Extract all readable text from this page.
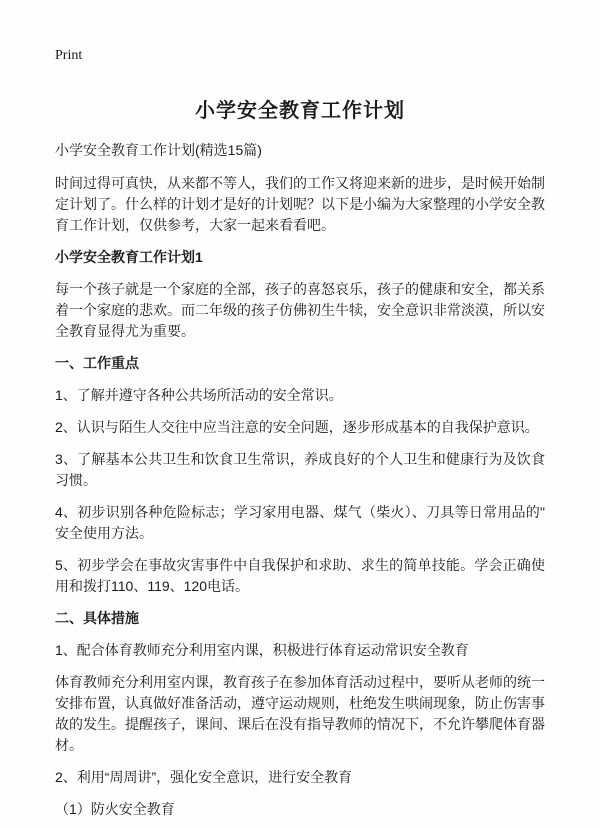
Print
小学安全教育工作计划

小学安全教育工作计划(精选15篇)

时间过得可真快，从来都不等人，我们的工作又将迎来新的进步，是时候开始制定计划了。什么样的计划才是好的计划呢？以下是小编为大家整理的小学安全教育工作计划，仅供参考，大家一起来看看吧。

小学安全教育工作计划1

每一个孩子就是一个家庭的全部，孩子的喜怒哀乐，孩子的健康和安全，都关系着一个家庭的悲欢。而二年级的孩子仿佛初生牛犊，安全意识非常淡漠，所以安全教育显得尤为重要。

一、工作重点

1、了解并遵守各种公共场所活动的安全常识。

2、认识与陌生人交往中应当注意的安全问题，逐步形成基本的自我保护意识。

3、了解基本公共卫生和饮食卫生常识，养成良好的个人卫生和健康行为及饮食习惯。

4、初步识别各种危险标志；学习家用电器、煤气（柴火）、刀具等日常用品的ʺ安全使用方法。

5、初步学会在事故灾害事件中自我保护和求助、求生的简单技能。学会正确使用和拨打110、119、120电话。

二、具体措施

1、配合体育教师充分利用室内课，积极进行体育运动常识安全教育

体育教师充分利用室内课，教育孩子在参加体育活动过程中，要听从老师的统一安排布置，认真做好准备活动，遵守运动规则，杜绝发生哄闹现象，防止伤害事故的发生。提醒孩子，课间、课后在没有指导教师的情况下，不允许攀爬体育器材。

2、利用“周周讲”，强化安全意识，进行安全教育

（1）防火安全教育
